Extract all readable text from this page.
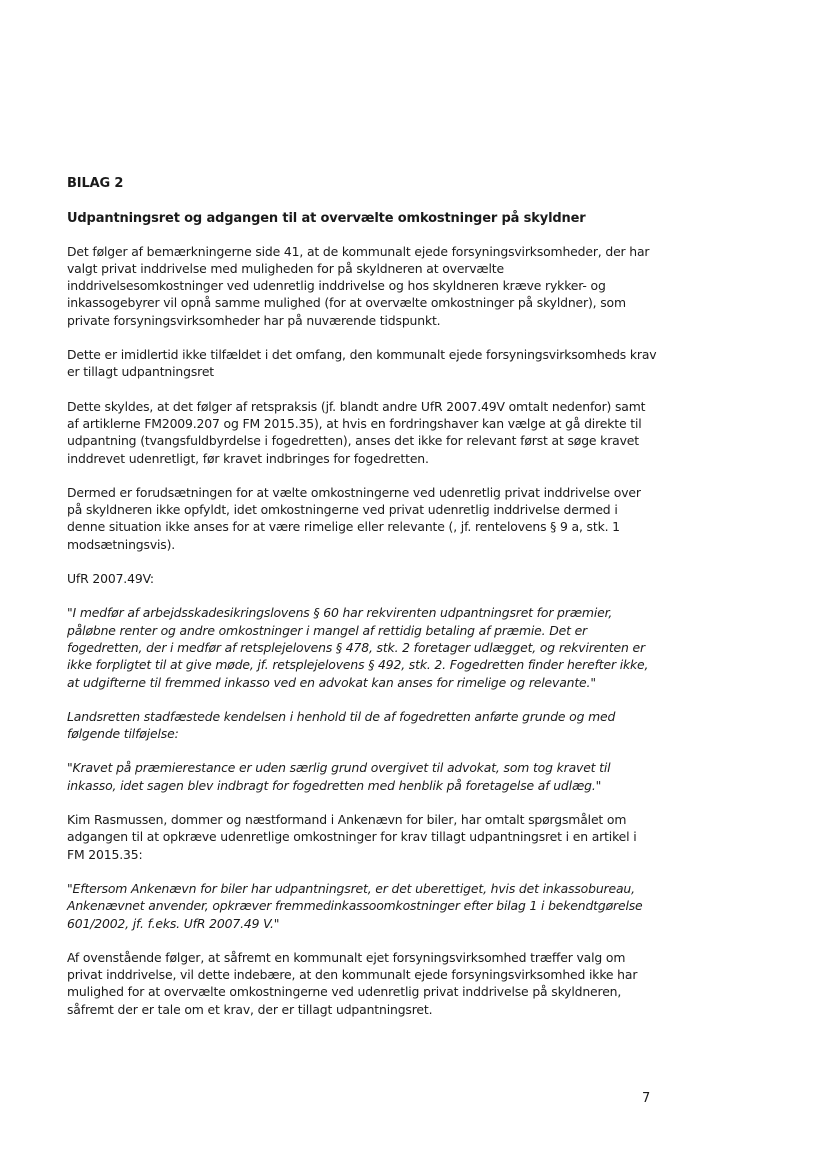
BILAG 2
Udpantningsret og adgangen til at overvælte omkostninger på skyldner

Det følger af bemærkningerne side 41, at de kommunalt ejede forsyningsvirksomheder, der har valgt privat inddrivelse med muligheden for på skyldneren at overvælte inddrivelsesomkostninger ved udenretlig inddrivelse og hos skyldneren kræve rykker- og inkassogebyrer vil opnå samme mulighed (for at overvælte omkostninger på skyldner), som private forsyningsvirksomheder har på nuværende tidspunkt.

Dette er imidlertid ikke tilfældet i det omfang, den kommunalt ejede forsyningsvirksomheds krav er tillagt udpantningsret

Dette skyldes, at det følger af retspraksis (jf. blandt andre UfR 2007.49V omtalt nedenfor) samt af artiklerne FM2009.207 og FM 2015.35), at hvis en fordringshaver kan vælge at gå direkte til udpantning (tvangsfuldbyrdelse i fogedretten), anses det ikke for relevant først at søge kravet inddrevet udenretligt, før kravet indbringes for fogedretten.

Dermed er forudsætningen for at vælte omkostningerne ved udenretlig privat inddrivelse over på skyldneren ikke opfyldt, idet omkostningerne ved privat udenretlig inddrivelse dermed i denne situation ikke anses for at være rimelige eller relevante (, jf. rentelovens § 9 a, stk. 1 modsætningsvis).

UfR 2007.49V:

"I medfør af arbejdsskadesikringslovens § 60 har rekvirenten udpantningsret for præmier, påløbne renter og andre omkostninger i mangel af rettidig betaling af præmie. Det er fogedretten, der i medfør af retsplejelovens § 478, stk. 2 foretager udlægget, og rekvirenten er ikke forpligtet til at give møde, jf. retsplejelovens § 492, stk. 2. Fogedretten finder herefter ikke, at udgifterne til fremmed inkasso ved en advokat kan anses for rimelige og relevante."

Landsretten stadfæstede kendelsen i henhold til de af fogedretten anførte grunde og med følgende tilføjelse:

"Kravet på præmierestance er uden særlig grund overgivet til advokat, som tog kravet til inkasso, idet sagen blev indbragt for fogedretten med henblik på foretagelse af udlæg."

Kim Rasmussen, dommer og næstformand i Ankenævn for biler, har omtalt spørgsmålet om adgangen til at opkræve udenretlige omkostninger for krav tillagt udpantningsret i en artikel i FM 2015.35:

"Eftersom Ankenævn for biler har udpantningsret, er det uberettiget, hvis det inkassobureau, Ankenævnet anvender, opkræver fremmedinkassoomkostninger efter bilag 1 i bekendtgørelse 601/2002, jf. f.eks. UfR 2007.49 V."

Af ovenstående følger, at såfremt en kommunalt ejet forsyningsvirksomhed træffer valg om privat inddrivelse, vil dette indebære, at den kommunalt ejede forsyningsvirksomhed ikke har mulighed for at overvælte omkostningerne ved udenretlig privat inddrivelse på skyldneren, såfremt der er tale om et krav, der er tillagt udpantningsret.

7
